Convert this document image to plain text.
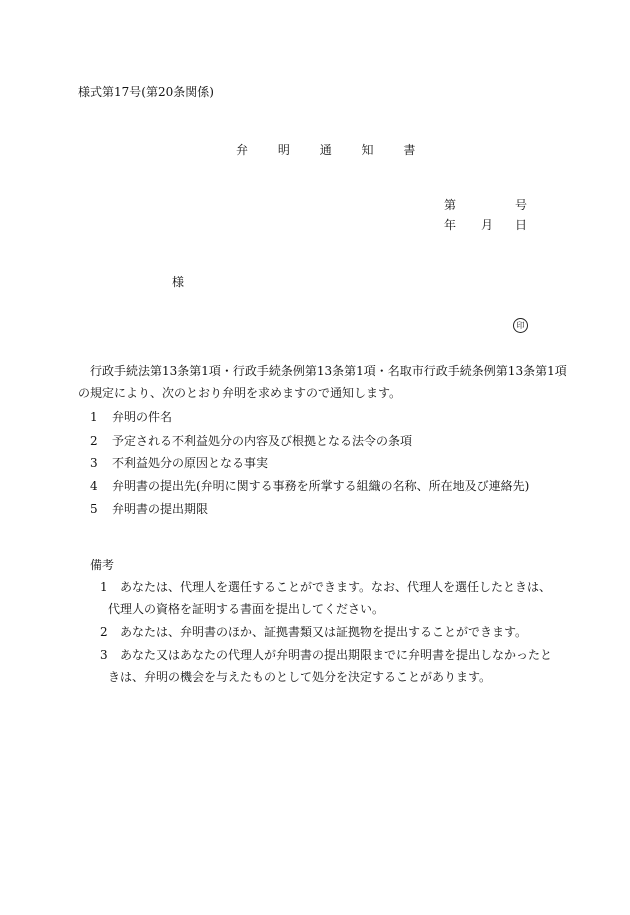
様式第17号(第20条関係)
弁 明 通 知 書
第	号
年 月 日
様
印
行政手続法第13条第1項・行政手続条例第13条第1項・名取市行政手続条例第13条第1項
の規定により、次のとおり弁明を求めますので通知します。
1 弁明の件名
2 予定される不利益処分の内容及び根拠となる法令の条項
3 不利益処分の原因となる事実
4 弁明書の提出先(弁明に関する事務を所掌する組織の名称、所在地及び連絡先)
5 弁明書の提出期限
備考
1 あなたは、代理人を選任することができます。なお、代理人を選任したときは、
代理人の資格を証明する書面を提出してください。
2 あなたは、弁明書のほか、証拠書類又は証拠物を提出することができます。
3 あなた又はあなたの代理人が弁明書の提出期限までに弁明書を提出しなかったと
きは、弁明の機会を与えたものとして処分を決定することがあります。
